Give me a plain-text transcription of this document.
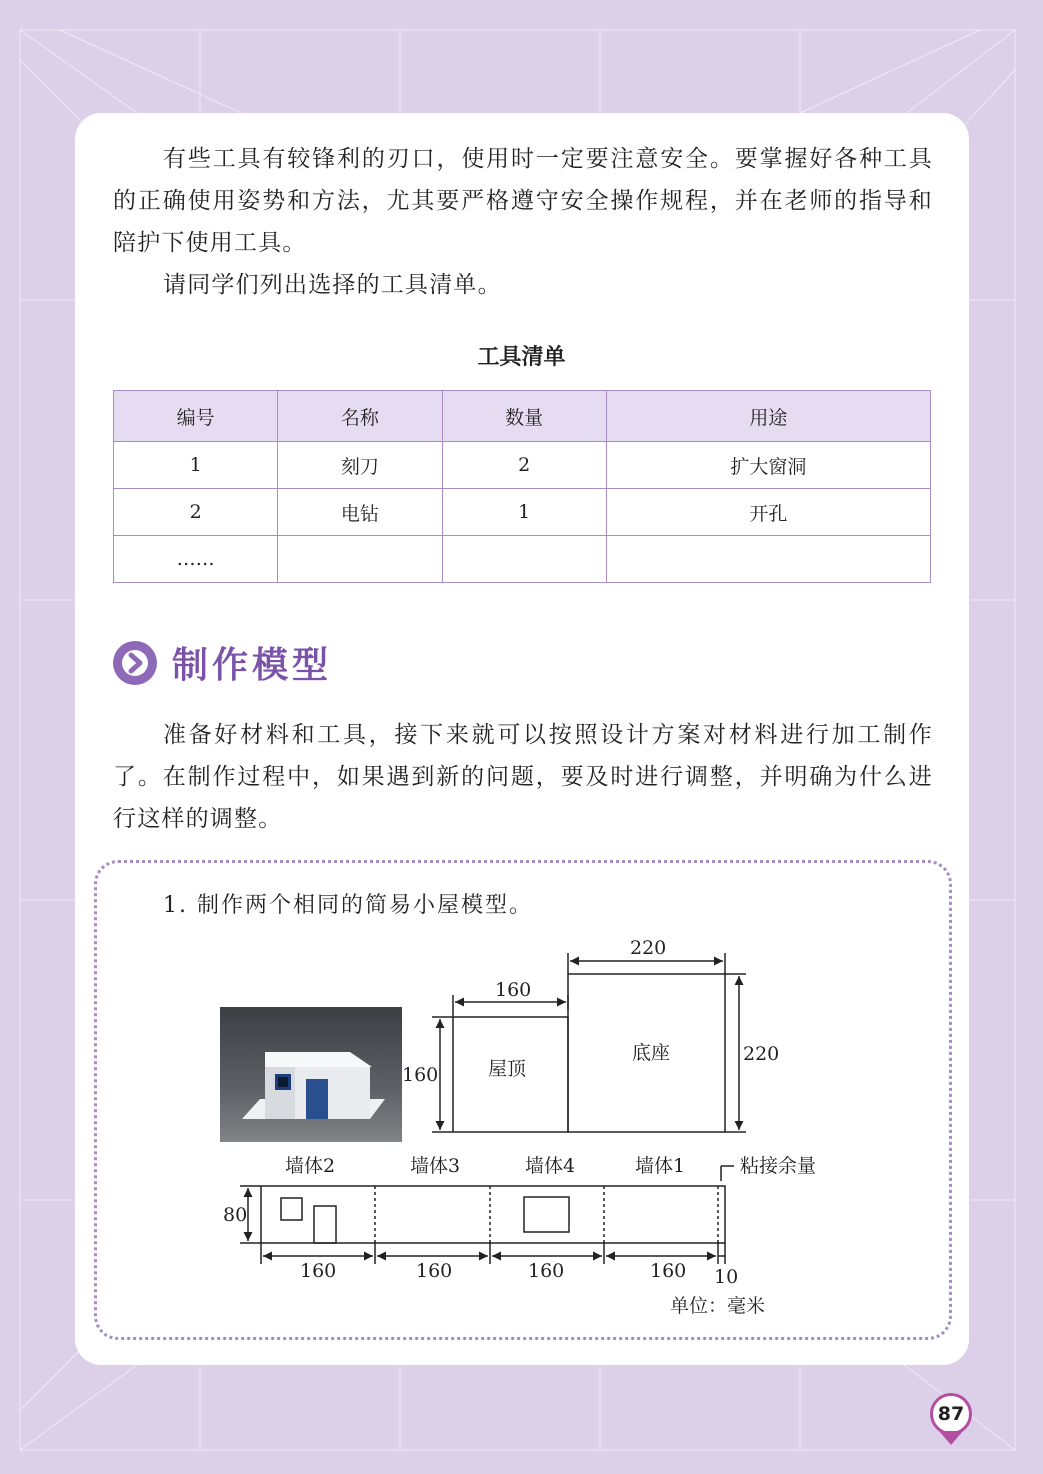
有些工具有较锋利的刃口，使用时一定要注意安全。要掌握好各种工具的正确使用姿势和方法，尤其要严格遵守安全操作规程，并在老师的指导和陪护下使用工具。

请同学们列出选择的工具清单。

工具清单
编号	名称	数量	用途
1	刻刀	2	扩大窗洞
2	电钻	1	开孔
……			
制作模型

准备好材料和工具，接下来就可以按照设计方案对材料进行加工制作了。在制作过程中，如果遇到新的问题，要及时进行调整，并明确为什么进行这样的调整。

1. 制作两个相同的简易小屋模型。
屋顶
底座
160
220
160
220
墙体2	墙体3	墙体4	墙体1	粘接余量
80
160	160	160	160 10
单位：毫米
87
